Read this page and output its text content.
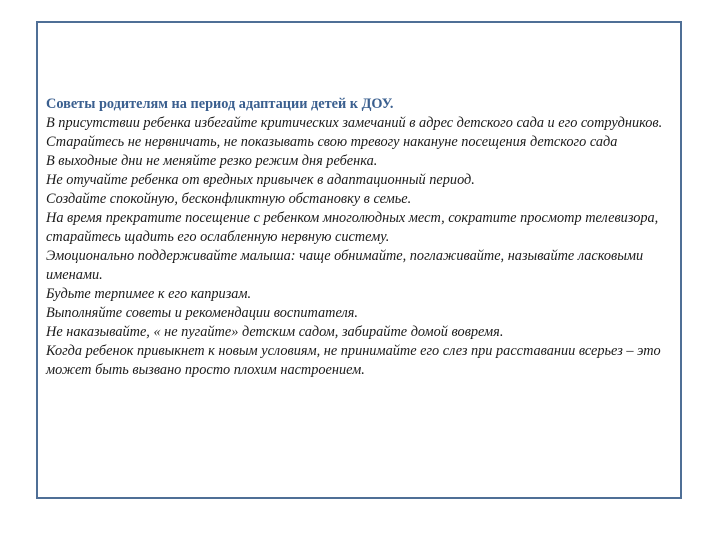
Советы родителям на период адаптации детей к ДОУ.
В присутствии ребенка избегайте критических замечаний в адрес детского сада и его сотрудников.
Старайтесь не нервничать, не показывать свою тревогу накануне посещения детского сада
В выходные дни не меняйте резко режим дня ребенка.
Не отучайте ребенка от вредных привычек в адаптационный период.
Создайте спокойную, бесконфликтную обстановку в семье.
На время прекратите посещение с ребенком многолюдных мест, сократите просмотр телевизора, старайтесь щадить его ослабленную нервную систему.
Эмоционально поддерживайте малыша: чаще обнимайте, поглаживайте, называйте ласковыми именами.
Будьте терпимее к его капризам.
Выполняйте советы и рекомендации воспитателя.
Не наказывайте, « не пугайте» детским садом, забирайте домой вовремя.
Когда ребенок привыкнет к новым условиям, не принимайте его слез при расставании всерьез – это может быть вызвано просто плохим настроением.
